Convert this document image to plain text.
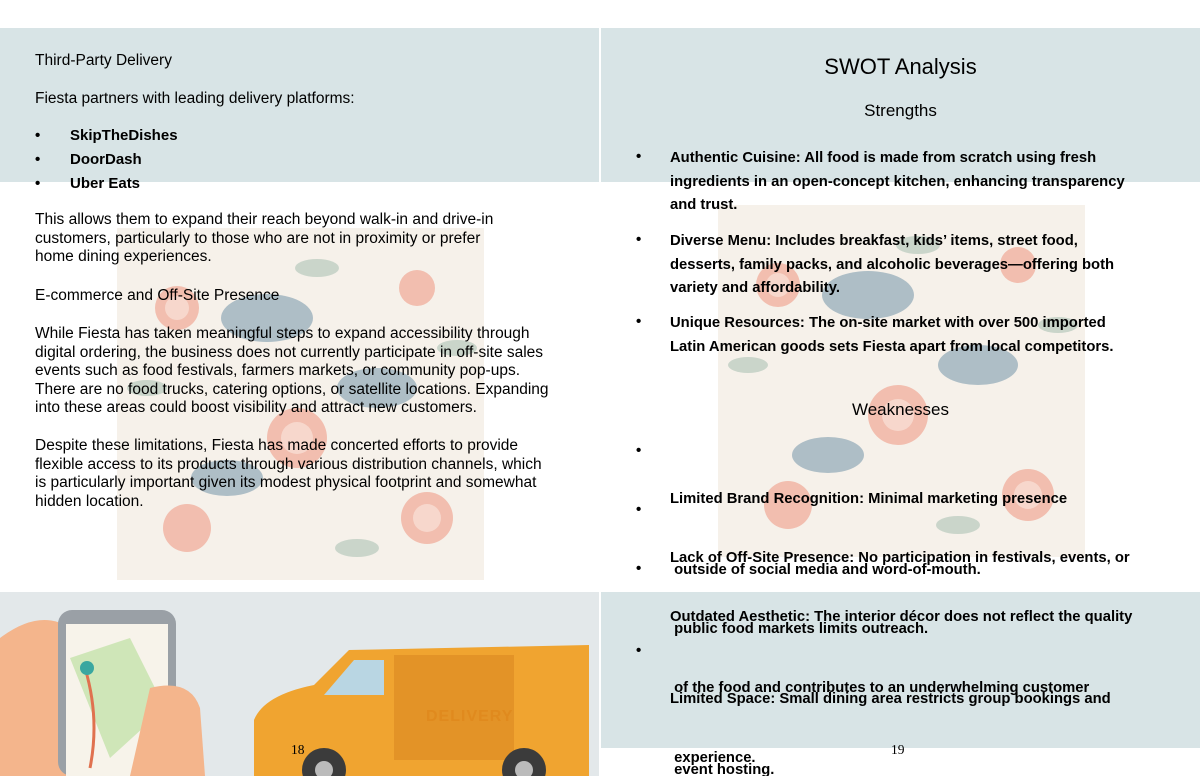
Third-Party Delivery
Fiesta partners with leading delivery platforms:
• SkipTheDishes
• DoorDash
• Uber Eats
This allows them to expand their reach beyond walk-in and drive-in
customers, particularly to those who are not in proximity or prefer
home dining experiences.
E-commerce and Off-Site Presence
While Fiesta has taken meaningful steps to expand accessibility through
digital ordering, the business does not currently participate in off-site sales
events such as food festivals, farmers markets, or community pop-ups.
There are no food trucks, catering options, or satellite locations. Expanding
into these areas could boost visibility and attract new customers.
Despite these limitations, Fiesta has made concerted efforts to provide
flexible access to its products through various distribution channels, which
is particularly important given its modest physical footprint and somewhat
hidden location.
DELIVERY
18
SWOT Analysis
Strengths
• Authentic Cuisine: All food is made from scratch using fresh
ingredients in an open-concept kitchen, enhancing transparency
and trust.
• Diverse Menu: Includes breakfast, kids’ items, street food,
desserts, family packs, and alcoholic beverages—offering both
variety and affordability.
• Unique Resources: The on-site market with over 500 imported
Latin American goods sets Fiesta apart from local competitors.
Weaknesses
•

Limited Brand Recognition: Minimal marketing presence

outside of social media and word-of-mouth.

•

Lack of Off-Site Presence: No participation in festivals, events, or

public food markets limits outreach.

•

Outdated Aesthetic: The interior décor does not reflect the quality

of the food and contributes to an underwhelming customer

experience.

•

Limited Space: Small dining area restricts group bookings and

event hosting.

19
